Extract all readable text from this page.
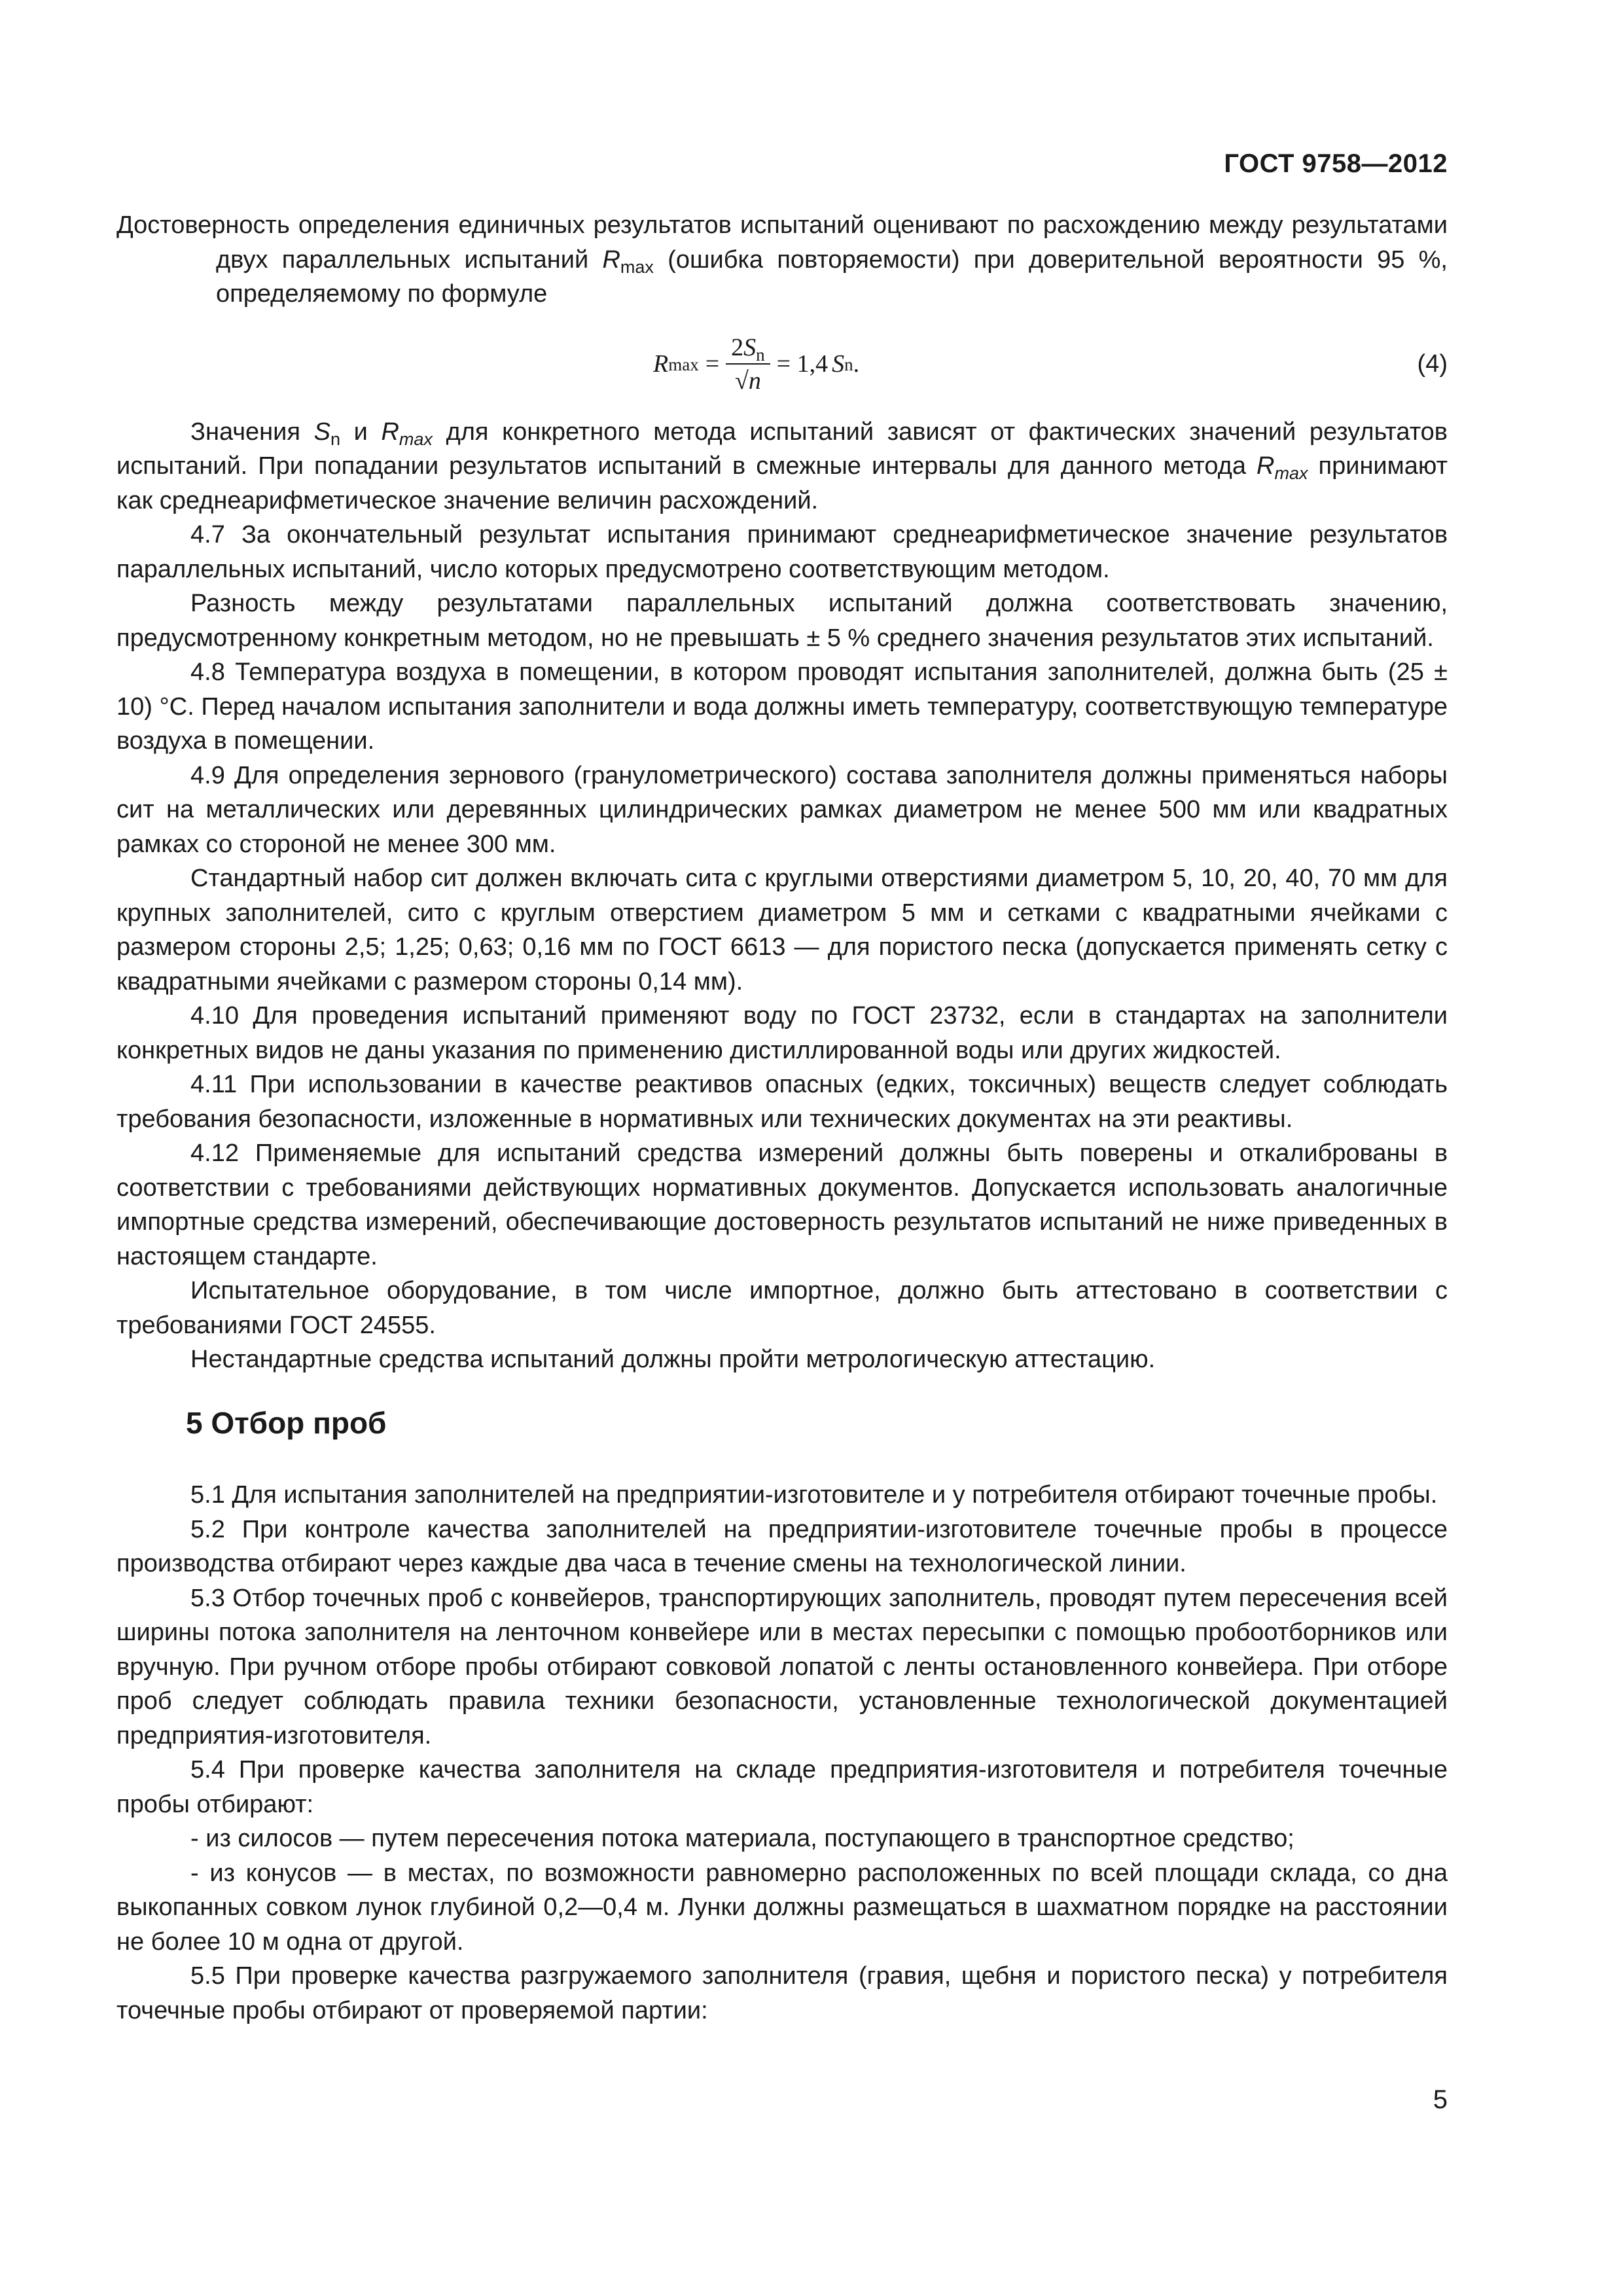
ГОСТ 9758—2012

Достоверность определения единичных результатов испытаний оценивают по расхождению между результатами двух параллельных испытаний $R_{max}$ (ошибка повторяемости) при доверительной вероятности 95 %, определяемому по формуле

R $\max = \frac{2S_n}{√n} = 1,4$ S n .	(4)

Значения $S_n$ и $R_{max}$ для конкретного метода испытаний зависят от фактических значений результатов испытаний. При попадании результатов испытаний в смежные интервалы для данного метода $R_{max}$ принимают как среднеарифметическое значение величин расхождений.

4.7 За окончательный результат испытания принимают среднеарифметическое значение результатов параллельных испытаний, число которых предусмотрено соответствующим методом.

Разность между результатами параллельных испытаний должна соответствовать значению, предусмотренному конкретным методом, но не превышать ± 5 % среднего значения результатов этих испытаний.

4.8 Температура воздуха в помещении, в котором проводят испытания заполнителей, должна быть (25 ± 10) °С. Перед началом испытания заполнители и вода должны иметь температуру, соответствующую температуре воздуха в помещении.

4.9 Для определения зернового (гранулометрического) состава заполнителя должны применяться наборы сит на металлических или деревянных цилиндрических рамках диаметром не менее 500 мм или квадратных рамках со стороной не менее 300 мм.

Стандартный набор сит должен включать сита с круглыми отверстиями диаметром 5, 10, 20, 40, 70 мм для крупных заполнителей, сито с круглым отверстием диаметром 5 мм и сетками с квадратными ячейками с размером стороны 2,5; 1,25; 0,63; 0,16 мм по ГОСТ 6613 — для пористого песка (допускается применять сетку с квадратными ячейками с размером стороны 0,14 мм).

4.10 Для проведения испытаний применяют воду по ГОСТ 23732, если в стандартах на заполнители конкретных видов не даны указания по применению дистиллированной воды или других жидкостей.

4.11 При использовании в качестве реактивов опасных (едких, токсичных) веществ следует соблюдать требования безопасности, изложенные в нормативных или технических документах на эти реактивы.

4.12 Применяемые для испытаний средства измерений должны быть поверены и откалиброваны в соответствии с требованиями действующих нормативных документов. Допускается использовать аналогичные импортные средства измерений, обеспечивающие достоверность результатов испытаний не ниже приведенных в настоящем стандарте.

Испытательное оборудование, в том числе импортное, должно быть аттестовано в соответствии с требованиями ГОСТ 24555.

Нестандартные средства испытаний должны пройти метрологическую аттестацию.

5 Отбор проб

5.1 Для испытания заполнителей на предприятии-изготовителе и у потребителя отбирают точечные пробы.

5.2 При контроле качества заполнителей на предприятии-изготовителе точечные пробы в процессе производства отбирают через каждые два часа в течение смены на технологической линии.

5.3 Отбор точечных проб с конвейеров, транспортирующих заполнитель, проводят путем пересечения всей ширины потока заполнителя на ленточном конвейере или в местах пересыпки с помощью пробоотборников или вручную. При ручном отборе пробы отбирают совковой лопатой с ленты остановленного конвейера. При отборе проб следует соблюдать правила техники безопасности, установленные технологической документацией предприятия-изготовителя.

5.4 При проверке качества заполнителя на складе предприятия-изготовителя и потребителя точечные пробы отбирают:

- из силосов — путем пересечения потока материала, поступающего в транспортное средство;

- из конусов — в местах, по возможности равномерно расположенных по всей площади склада, со дна выкопанных совком лунок глубиной 0,2—0,4 м. Лунки должны размещаться в шахматном порядке на расстоянии не более 10 м одна от другой.

5.5 При проверке качества разгружаемого заполнителя (гравия, щебня и пористого песка) у потребителя точечные пробы отбирают от проверяемой партии:

5
